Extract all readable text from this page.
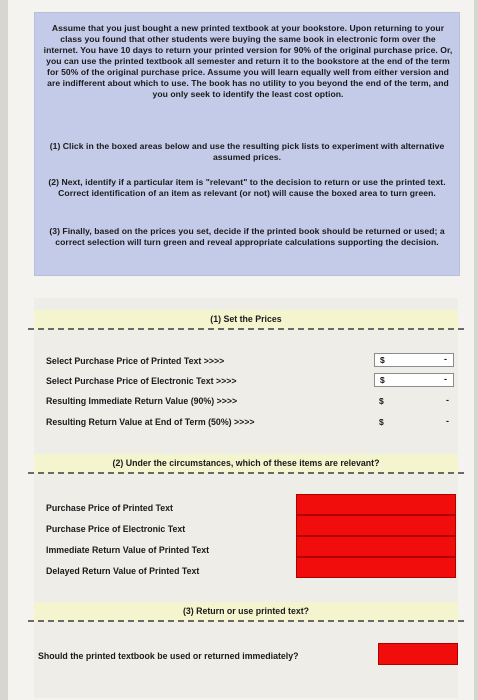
Assume that you just bought a new printed textbook at your bookstore. Upon returning to your class you found that other students were buying the same book in electronic form over the internet. You have 10 days to return your printed version for 90% of the original purchase price. Or, you can use the printed textbook all semester and return it to the bookstore at the end of the term for 50% of the original purchase price. Assume you will learn equally well from either version and are indifferent about which to use. The book has no utility to you beyond the end of the term, and you only seek to identify the least cost option.

(1) Click in the boxed areas below and use the resulting pick lists to experiment with alternative assumed prices.

(2) Next, identify if a particular item is "relevant" to the decision to return or use the printed text. Correct identification of an item as relevant (or not) will cause the boxed area to turn green.

(3) Finally, based on the prices you set, decide if the printed book should be returned or used; a correct selection will turn green and reveal appropriate calculations supporting the decision.

(1) Set the Prices
Select Purchase Price of Printed Text >>>>	$	-
Select Purchase Price of Electronic Text >>>>	$	-
Resulting Immediate Return Value (90%) >>>>	$	-
Resulting Return Value at End of Term (50%) >>>>	$	-
(2) Under the circumstances, which of these items are relevant?
Purchase Price of Printed Text
Purchase Price of Electronic Text
Immediate Return Value of Printed Text
Delayed Return Value of Printed Text
(3) Return or use printed text?
Should the printed textbook be used or returned immediately?
